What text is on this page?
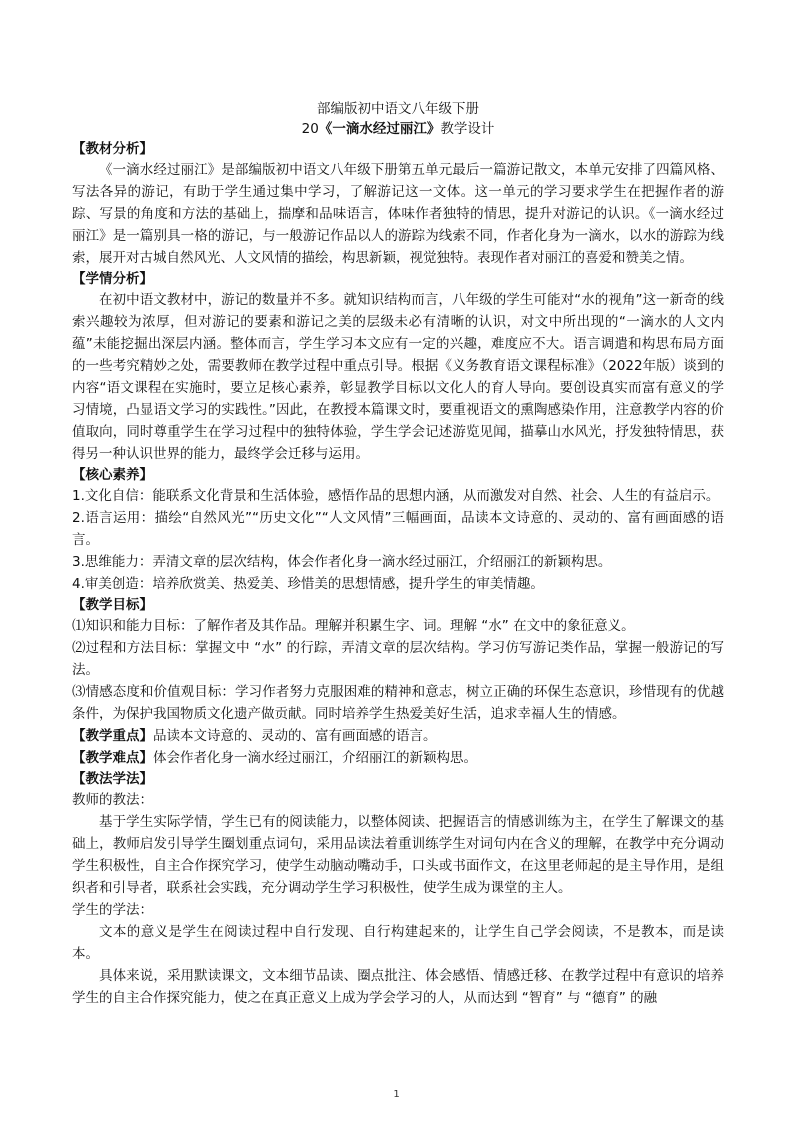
部编版初中语文八年级下册
20《一滴水经过丽江》教学设计
【教材分析】

《一滴水经过丽江》是部编版初中语文八年级下册第五单元最后一篇游记散文，本单元安排了四篇风格、写法各异的游记，有助于学生通过集中学习，了解游记这一文体。这一单元的学习要求学生在把握作者的游踪、写景的角度和方法的基础上，揣摩和品味语言，体味作者独特的情思，提升对游记的认识。《一滴水经过丽江》是一篇别具一格的游记，与一般游记作品以人的游踪为线索不同，作者化身为一滴水，以水的游踪为线索，展开对古城自然风光、人文风情的描绘，构思新颖，视觉独特。表现作者对丽江的喜爱和赞美之情。

【学情分析】

在初中语文教材中，游记的数量并不多。就知识结构而言，八年级的学生可能对“水的视角”这一新奇的线索兴趣较为浓厚，但对游记的要素和游记之美的层级未必有清晰的认识，对文中所出现的“一滴水的人文内蕴”未能挖掘出深层内涵。整体而言，学生学习本文应有一定的兴趣，难度应不大。语言调遣和构思布局方面的一些考究精妙之处，需要教师在教学过程中重点引导。根据《义务教育语文课程标准》（2022年版）谈到的内容“语文课程在实施时，要立足核心素养，彰显教学目标以文化人的育人导向。要创设真实而富有意义的学习情境，凸显语文学习的实践性。”因此，在教授本篇课文时，要重视语文的熏陶感染作用，注意教学内容的价值取向，同时尊重学生在学习过程中的独特体验，学生学会记述游览见闻，描摹山水风光，抒发独特情思，获得另一种认识世界的能力，最终学会迁移与运用。

【核心素养】

1.文化自信：能联系文化背景和生活体验，感悟作品的思想内涵，从而激发对自然、社会、人生的有益启示。

2.语言运用：描绘“自然风光”“历史文化”“人文风情”三幅画面，品读本文诗意的、灵动的、富有画面感的语言。

3.思维能力：弄清文章的层次结构，体会作者化身一滴水经过丽江，介绍丽江的新颖构思。

4.审美创造：培养欣赏美、热爱美、珍惜美的思想情感，提升学生的审美情趣。

【教学目标】

⑴知识和能力目标：了解作者及其作品。理解并积累生字、词。理解 “水” 在文中的象征意义。

⑵过程和方法目标：掌握文中 “水” 的行踪，弄清文章的层次结构。学习仿写游记类作品，掌握一般游记的写法。

⑶情感态度和价值观目标：学习作者努力克服困难的精神和意志，树立正确的环保生态意识，珍惜现有的优越条件，为保护我国物质文化遗产做贡献。同时培养学生热爱美好生活，追求幸福人生的情感。

【教学重点】品读本文诗意的、灵动的、富有画面感的语言。

【教学难点】体会作者化身一滴水经过丽江，介绍丽江的新颖构思。

【教法学法】

教师的教法：

基于学生实际学情，学生已有的阅读能力，以整体阅读、把握语言的情感训练为主，在学生了解课文的基础上，教师启发引导学生圈划重点词句，采用品读法着重训练学生对词句内在含义的理解，在教学中充分调动学生积极性，自主合作探究学习，使学生动脑动嘴动手，口头或书面作文，在这里老师起的是主导作用，是组织者和引导者，联系社会实践，充分调动学生学习积极性，使学生成为课堂的主人。

学生的学法：

文本的意义是学生在阅读过程中自行发现、自行构建起来的，让学生自己学会阅读，不是教本，而是读本。

具体来说，采用默读课文，文本细节品读、圈点批注、体会感悟、情感迁移、在教学过程中有意识的培养学生的自主合作探究能力，使之在真正意义上成为学会学习的人，从而达到 “智育” 与 “德育” 的融

1
